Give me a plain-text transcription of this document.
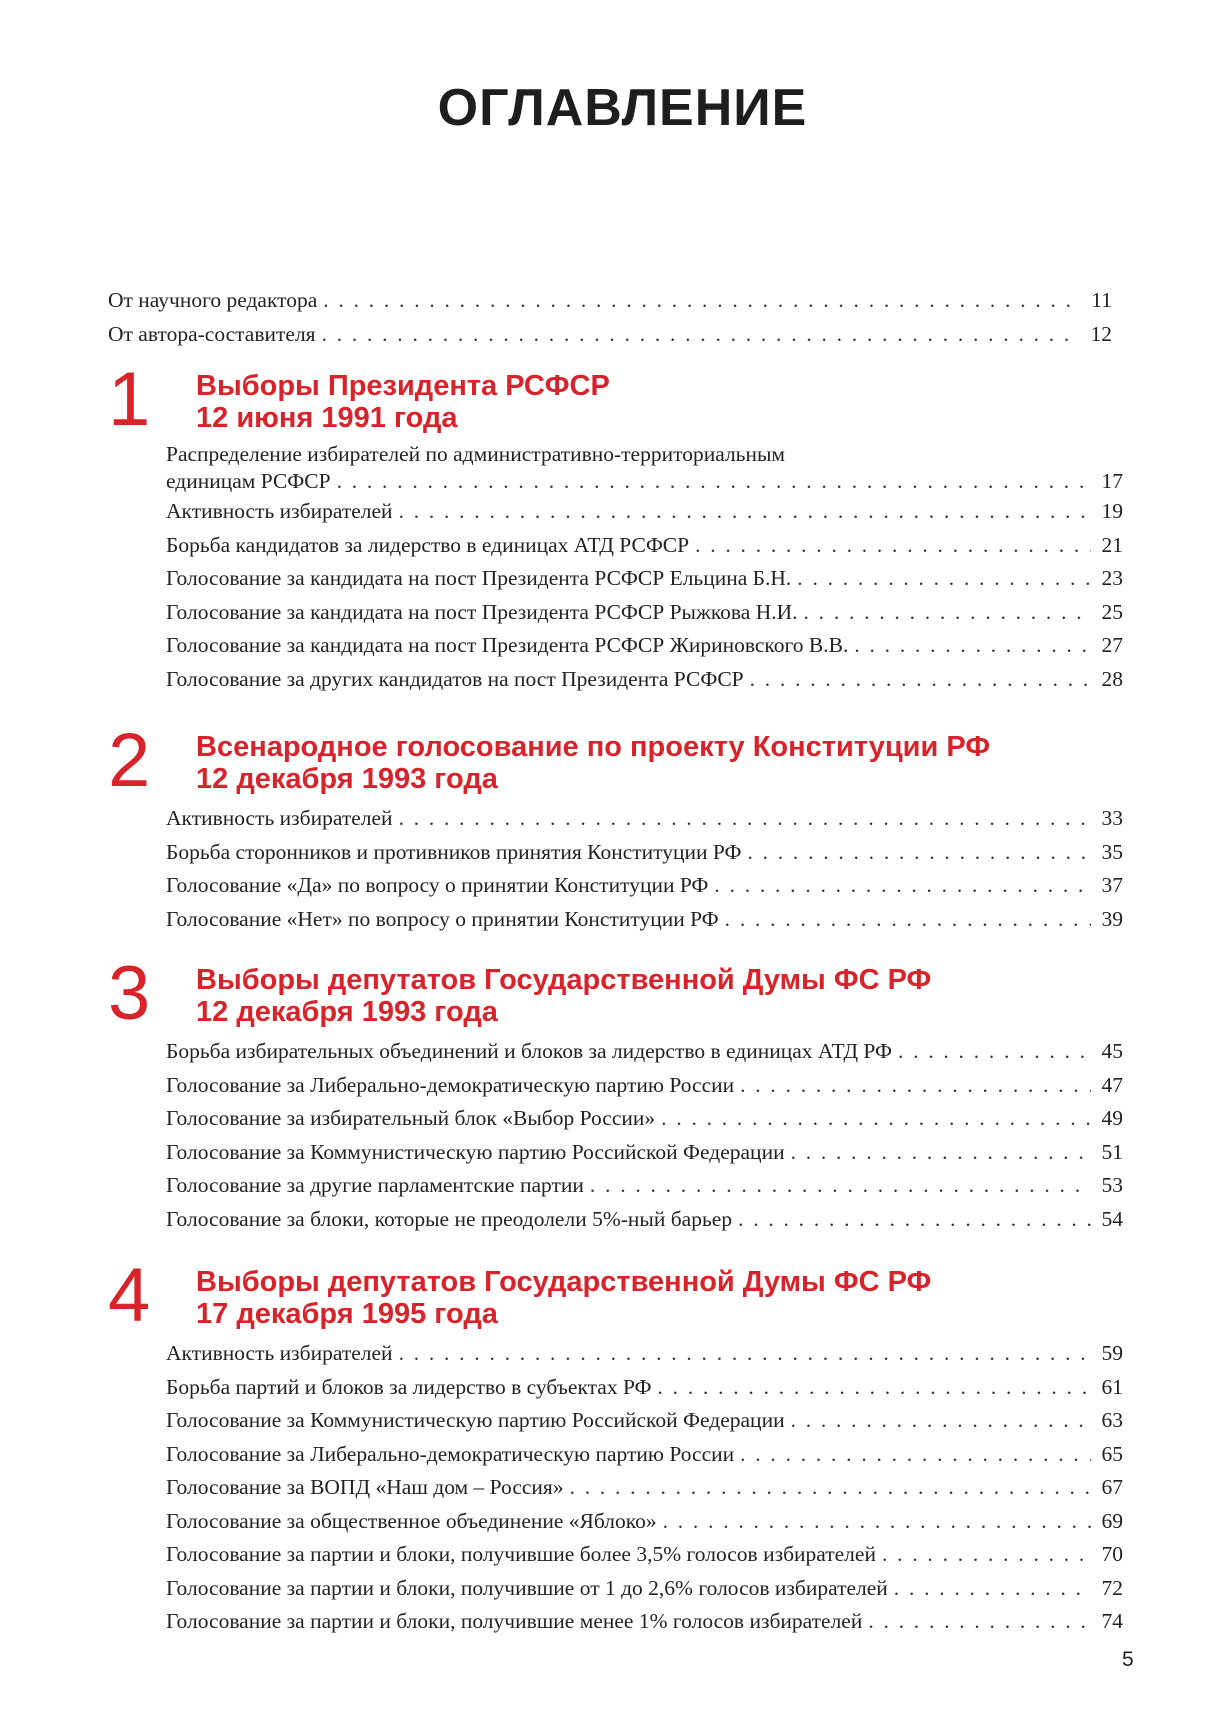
ОГЛАВЛЕНИЕ
От научного редактора . . .	11
От автора-составителя . . .	12
1 Выборы Президента РСФСР
12 июня 1991 года
Распределение избирателей по административно-территориальным
единицам РСФСР . . .	17
Активность избирателей . . .	19
Борьба кандидатов за лидерство в единицах АТД РСФСР . . .	21
Голосование за кандидата на пост Президента РСФСР Ельцина Б.Н. . . .	23
Голосование за кандидата на пост Президента РСФСР Рыжкова Н.И. . . .	25
Голосование за кандидата на пост Президента РСФСР Жириновского В.В. . . .	27
Голосование за других кандидатов на пост Президента РСФСР . . .	28
2 Всенародное голосование по проекту Конституции РФ
12 декабря 1993 года
Активность избирателей . . .	33
Борьба сторонников и противников принятия Конституции РФ . . .	35
Голосование «Да» по вопросу о принятии Конституции РФ . . .	37
Голосование «Нет» по вопросу о принятии Конституции РФ . . .	39
3 Выборы депутатов Государственной Думы ФС РФ
12 декабря 1993 года
Борьба избирательных объединений и блоков за лидерство в единицах АТД РФ . . .	45
Голосование за Либерально-демократическую партию России . . .	47
Голосование за избирательный блок «Выбор России» . . .	49
Голосование за Коммунистическую партию Российской Федерации . . .	51
Голосование за другие парламентские партии . . .	53
Голосование за блоки, которые не преодолели 5%-ный барьер . . .	54
4 Выборы депутатов Государственной Думы ФС РФ
17 декабря 1995 года
Активность избирателей . . .	59
Борьба партий и блоков за лидерство в субъектах РФ . . .	61
Голосование за Коммунистическую партию Российской Федерации . . .	63
Голосование за Либерально-демократическую партию России . . .	65
Голосование за ВОПД «Наш дом – Россия» . . .	67
Голосование за общественное объединение «Яблоко» . . .	69
Голосование за партии и блоки, получившие более 3,5% голосов избирателей . . .	70
Голосование за партии и блоки, получившие от 1 до 2,6% голосов избирателей . . .	72
Голосование за партии и блоки, получившие менее 1% голосов избирателей . . .	74
5
